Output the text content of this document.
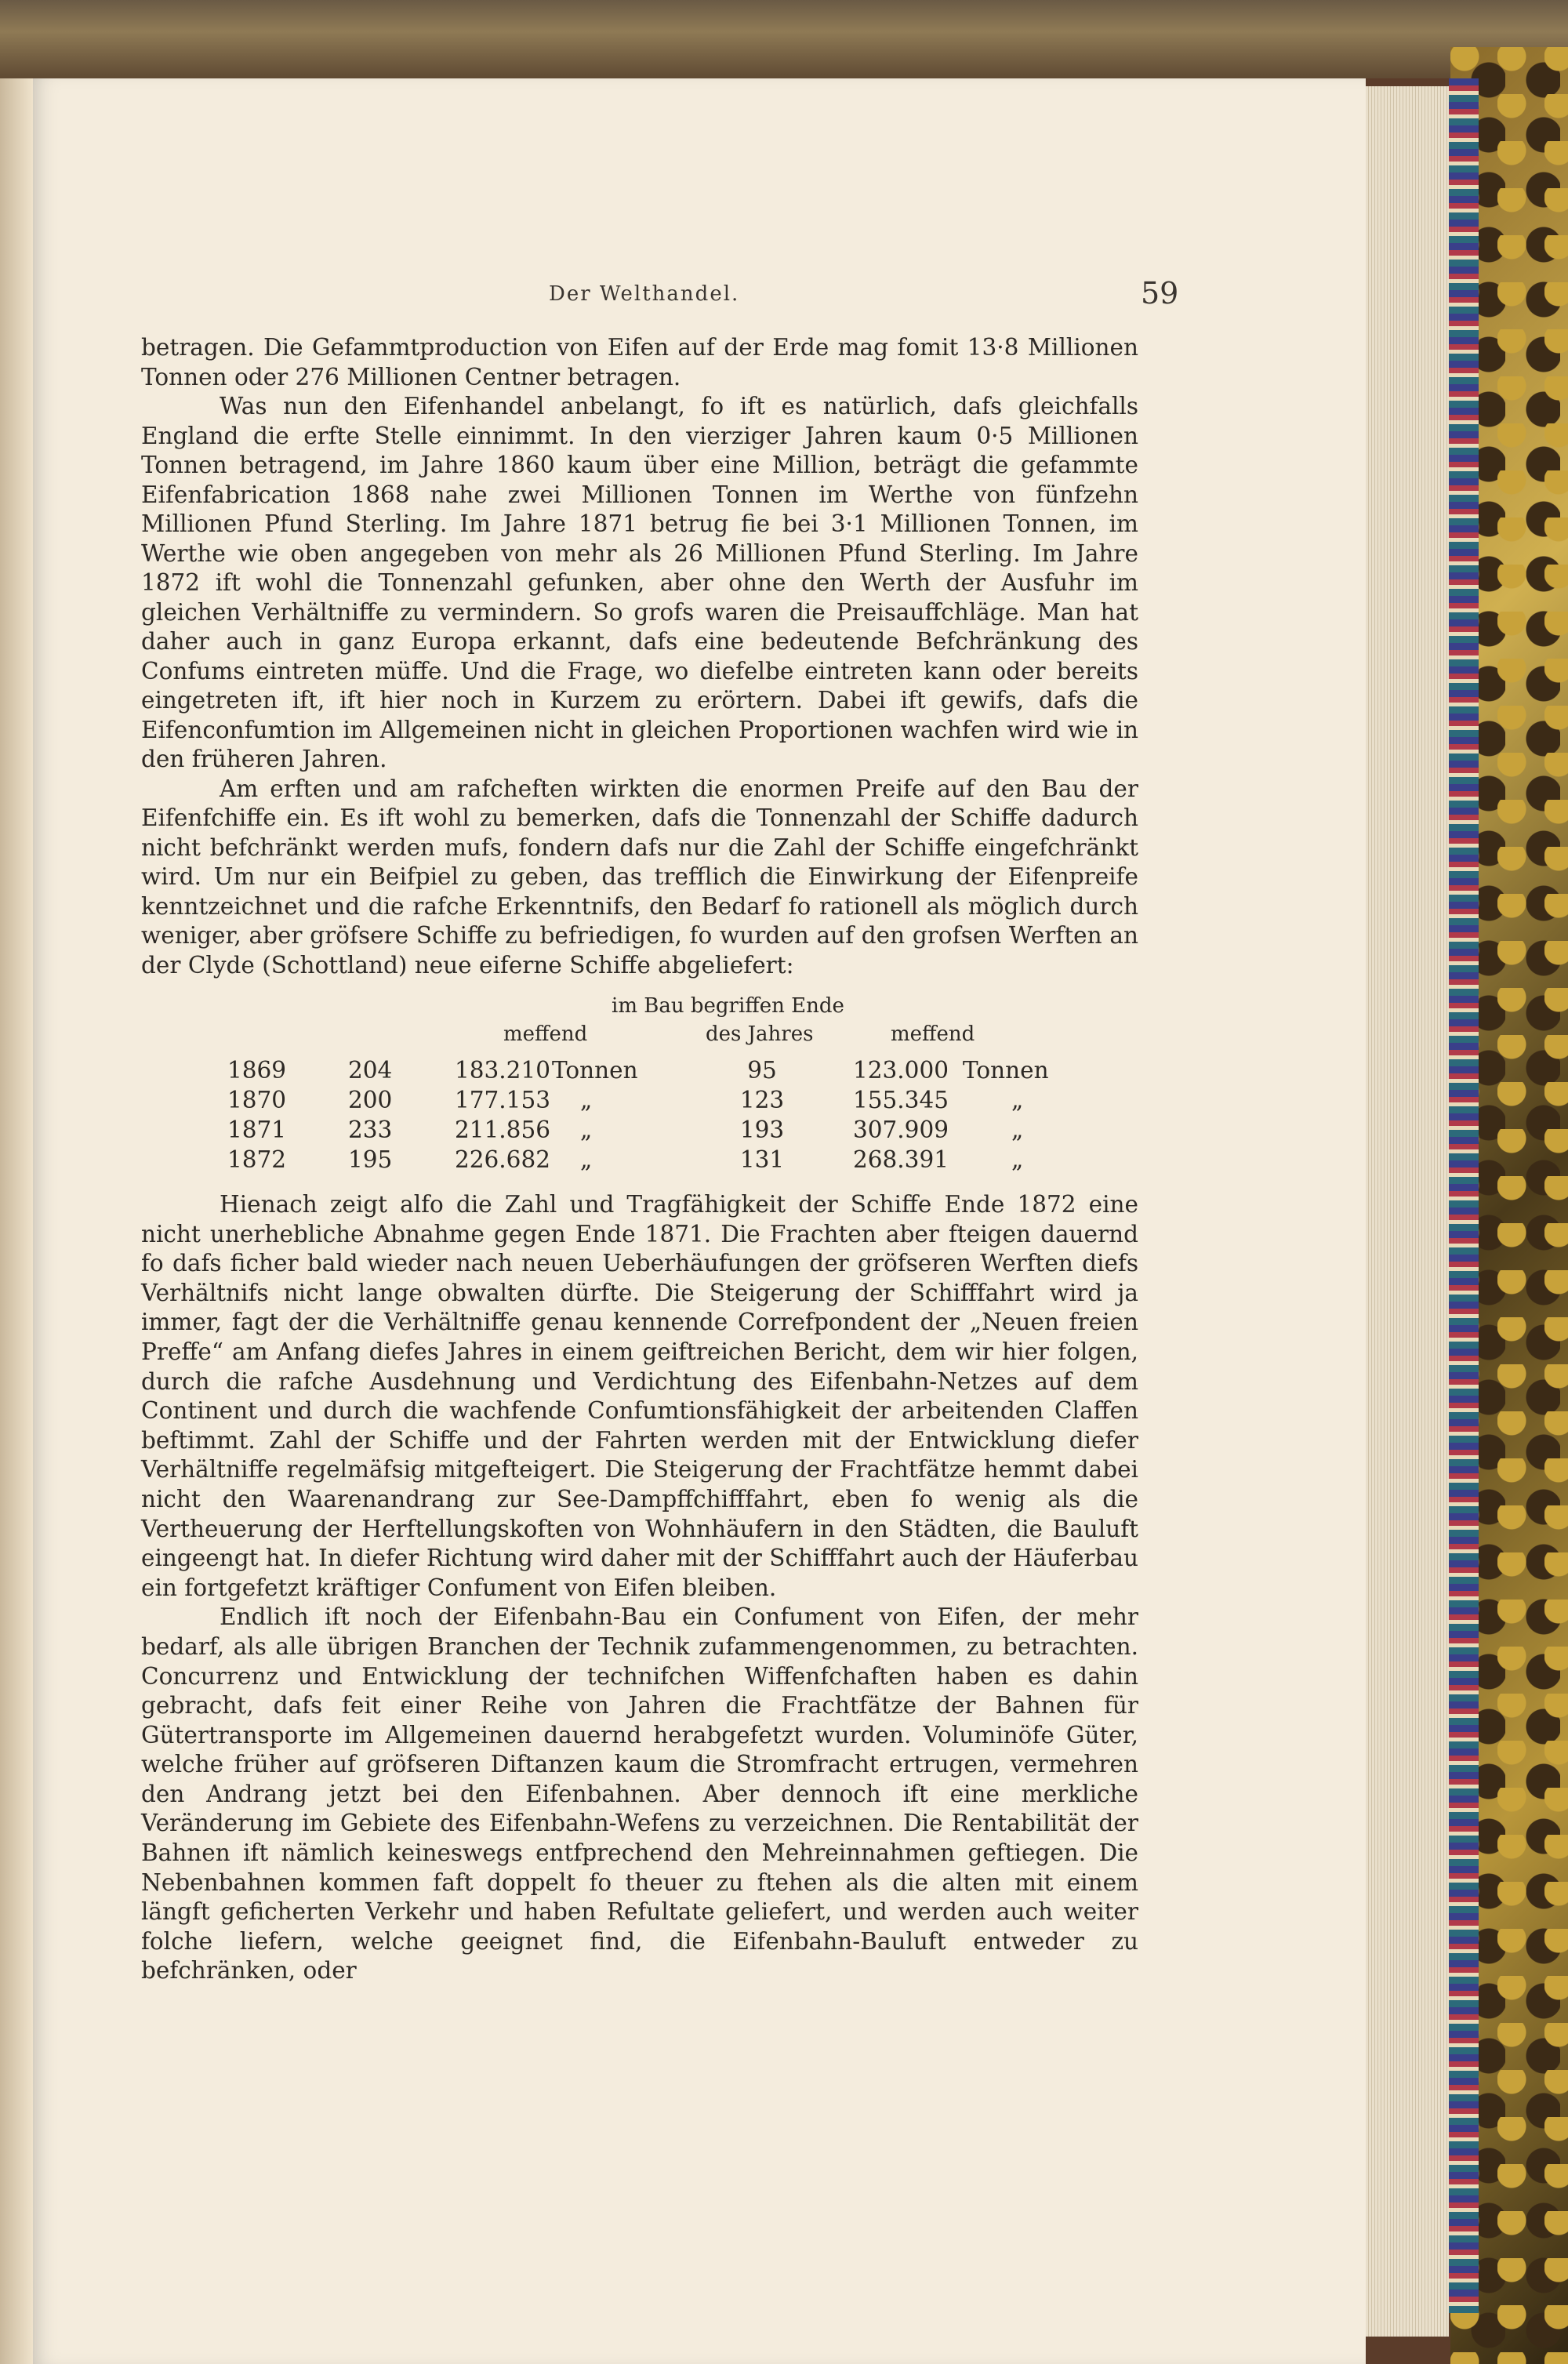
Der Welthandel.	59

betragen. Die Gefammtproduction von Eifen auf der Erde mag fomit 13·8 Millionen Tonnen oder 276 Millionen Centner betragen.

Was nun den Eifenhandel anbelangt, fo ift es natürlich, dafs gleichfalls England die erfte Stelle einnimmt. In den vierziger Jahren kaum 0·5 Millionen Tonnen betragend, im Jahre 1860 kaum über eine Million, beträgt die gefammte Eifenfabrication 1868 nahe zwei Millionen Tonnen im Werthe von fünfzehn Millionen Pfund Sterling. Im Jahre 1871 betrug fie bei 3·1 Millionen Tonnen, im Werthe wie oben angegeben von mehr als 26 Millionen Pfund Sterling. Im Jahre 1872 ift wohl die Tonnenzahl gefunken, aber ohne den Werth der Ausfuhr im gleichen Verhältniffe zu vermindern. So grofs waren die Preisauffchläge. Man hat daher auch in ganz Europa erkannt, dafs eine bedeutende Befchränkung des Confums eintreten müffe. Und die Frage, wo diefelbe eintreten kann oder bereits eingetreten ift, ift hier noch in Kurzem zu erörtern. Dabei ift gewifs, dafs die Eifenconfumtion im Allgemeinen nicht in gleichen Proportionen wachfen wird wie in den früheren Jahren.

Am erften und am rafcheften wirkten die enormen Preife auf den Bau der Eifenfchiffe ein. Es ift wohl zu bemerken, dafs die Tonnenzahl der Schiffe dadurch nicht befchränkt werden mufs, fondern dafs nur die Zahl der Schiffe eingefchränkt wird. Um nur ein Beifpiel zu geben, das trefflich die Einwirkung der Eifenpreife kenntzeichnet und die rafche Erkenntnifs, den Bedarf fo rationell als möglich durch weniger, aber gröfsere Schiffe zu befriedigen, fo wurden auf den grofsen Werften an der Clyde (Schottland) neue eiferne Schiffe abgeliefert:

im Bau begriffen Ende
meffend	des Jahres	meffend
1869	204	183.210 Tonnen	95	123.000 Tonnen
1870	200	177.153 „	123	155.345	„
1871	233	211.856 „	193	307.909	„
1872	195	226.682 „	131	268.391	„

Hienach zeigt alfo die Zahl und Tragfähigkeit der Schiffe Ende 1872 eine nicht unerhebliche Abnahme gegen Ende 1871. Die Frachten aber fteigen dauernd fo dafs ficher bald wieder nach neuen Ueberhäufungen der gröfseren Werften diefs Verhältnifs nicht lange obwalten dürfte. Die Steigerung der Schifffahrt wird ja immer, fagt der die Verhältniffe genau kennende Correfpondent der „Neuen freien Preffe“ am Anfang diefes Jahres in einem geiftreichen Bericht, dem wir hier folgen, durch die rafche Ausdehnung und Verdichtung des Eifenbahn-Netzes auf dem Continent und durch die wachfende Confumtionsfähigkeit der arbeitenden Claffen beftimmt. Zahl der Schiffe und der Fahrten werden mit der Entwicklung diefer Verhältniffe regelmäfsig mitgefteigert. Die Steigerung der Frachtfätze hemmt dabei nicht den Waarenandrang zur See-Dampffchifffahrt, eben fo wenig als die Vertheuerung der Herftellungskoften von Wohnhäufern in den Städten, die Bauluft eingeengt hat. In diefer Richtung wird daher mit der Schifffahrt auch der Häuferbau ein fortgefetzt kräftiger Confument von Eifen bleiben.

Endlich ift noch der Eifenbahn-Bau ein Confument von Eifen, der mehr bedarf, als alle übrigen Branchen der Technik zufammengenommen, zu betrachten. Concurrenz und Entwicklung der technifchen Wiffenfchaften haben es dahin gebracht, dafs feit einer Reihe von Jahren die Frachtfätze der Bahnen für Gütertransporte im Allgemeinen dauernd herabgefetzt wurden. Voluminöfe Güter, welche früher auf gröfseren Diftanzen kaum die Stromfracht ertrugen, vermehren den Andrang jetzt bei den Eifenbahnen. Aber dennoch ift eine merkliche Veränderung im Gebiete des Eifenbahn-Wefens zu verzeichnen. Die Rentabilität der Bahnen ift nämlich keineswegs entfprechend den Mehreinnahmen geftiegen. Die Nebenbahnen kommen faft doppelt fo theuer zu ftehen als die alten mit einem längft geficherten Verkehr und haben Refultate geliefert, und werden auch weiter folche liefern, welche geeignet find, die Eifenbahn-Bauluft entweder zu befchränken, oder
